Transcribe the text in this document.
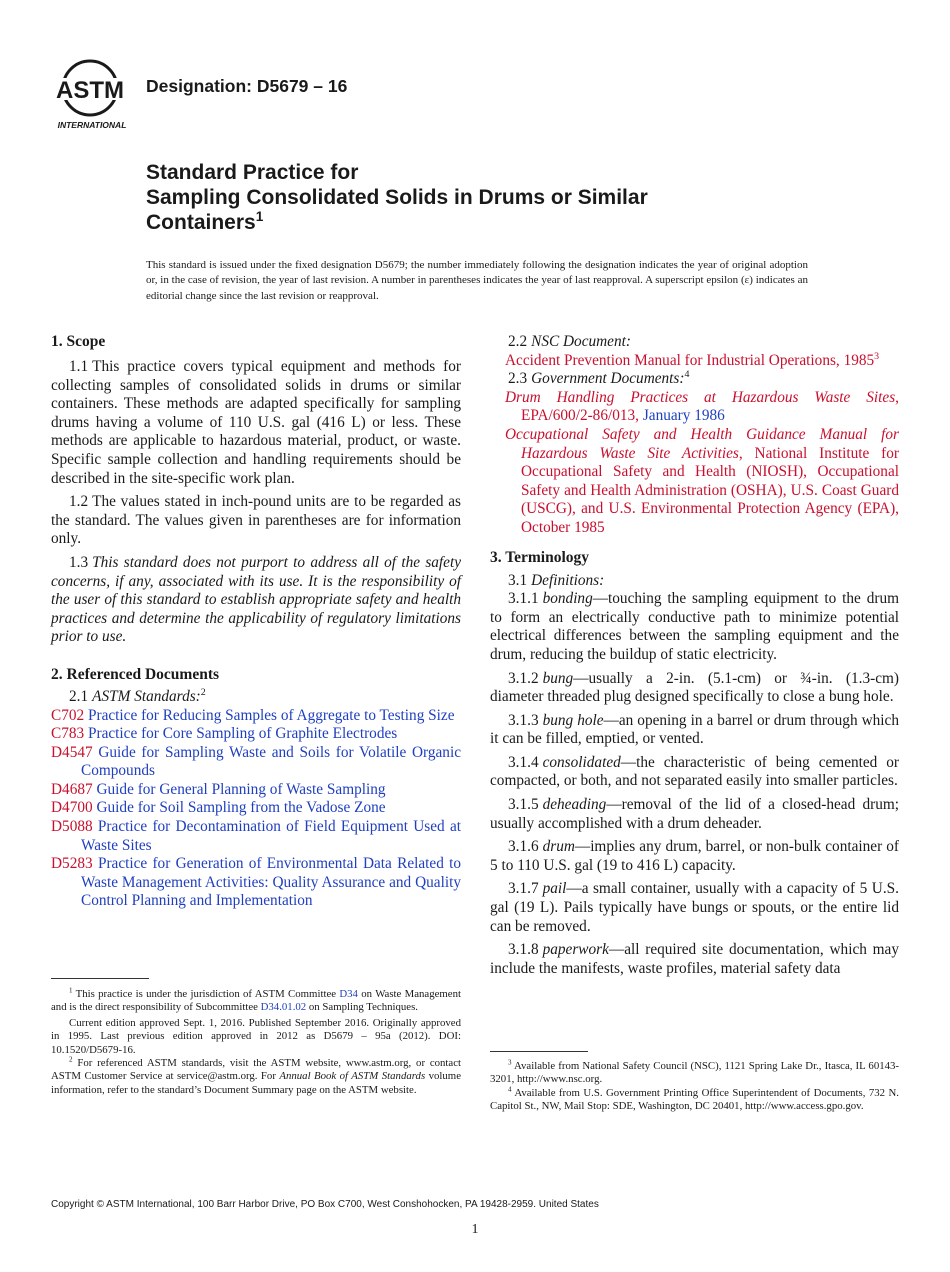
ASTM
INTERNATIONAL
Designation: D5679 – 16
Standard Practice for
Sampling Consolidated Solids in Drums or Similar
Containers$^1$
This standard is issued under the fixed designation D5679; the number immediately following the designation indicates the year of original adoption or, in the case of revision, the year of last revision. A number in parentheses indicates the year of last reapproval. A superscript epsilon (ε) indicates an editorial change since the last revision or reapproval.
1. Scope

1.1 This practice covers typical equipment and methods for collecting samples of consolidated solids in drums or similar containers. These methods are adapted specifically for sampling drums having a volume of 110 U.S. gal (416 L) or less. These methods are applicable to hazardous material, product, or waste. Specific sample collection and handling requirements should be described in the site-specific work plan.

1.2 The values stated in inch-pound units are to be regarded as the standard. The values given in parentheses are for information only.

1.3 This standard does not purport to address all of the safety concerns, if any, associated with its use. It is the responsibility of the user of this standard to establish appropriate safety and health practices and determine the applicability of regulatory limitations prior to use.

2. Referenced Documents

2.1 ASTM Standards:$^2$

C702 Practice for Reducing Samples of Aggregate to Testing Size

C783 Practice for Core Sampling of Graphite Electrodes

D4547 Guide for Sampling Waste and Soils for Volatile Organic Compounds

D4687 Guide for General Planning of Waste Sampling

D4700 Guide for Soil Sampling from the Vadose Zone

D5088 Practice for Decontamination of Field Equipment Used at Waste Sites

D5283 Practice for Generation of Environmental Data Related to Waste Management Activities: Quality Assurance and Quality Control Planning and Implementation

$^1$ This practice is under the jurisdiction of ASTM Committee D34 on Waste Management and is the direct responsibility of Subcommittee D34.01.02 on Sampling Techniques.

Current edition approved Sept. 1, 2016. Published September 2016. Originally approved in 1995. Last previous edition approved in 2012 as D5679 – 95a (2012). DOI: 10.1520/D5679-16.

$^2$ For referenced ASTM standards, visit the ASTM website, www.astm.org, or contact ASTM Customer Service at service@astm.org. For Annual Book of ASTM Standards volume information, refer to the standard’s Document Summary page on the ASTM website.

2.2 NSC Document:

Accident Prevention Manual for Industrial Operations, 1985$^3$

2.3 Government Documents:$^4$

Drum Handling Practices at Hazardous Waste Sites, EPA/600/2-86/013, January 1986

Occupational Safety and Health Guidance Manual for Hazardous Waste Site Activities, National Institute for Occupational Safety and Health (NIOSH), Occupational Safety and Health Administration (OSHA), U.S. Coast Guard (USCG), and U.S. Environmental Protection Agency (EPA), October 1985

3. Terminology

3.1 Definitions:

3.1.1 bonding—touching the sampling equipment to the drum to form an electrically conductive path to minimize potential electrical differences between the sampling equipment and the drum, reducing the buildup of static electricity.

3.1.2 bung—usually a 2-in. (5.1-cm) or ¾-in. (1.3-cm) diameter threaded plug designed specifically to close a bung hole.

3.1.3 bung hole—an opening in a barrel or drum through which it can be filled, emptied, or vented.

3.1.4 consolidated—the characteristic of being cemented or compacted, or both, and not separated easily into smaller particles.

3.1.5 deheading—removal of the lid of a closed-head drum; usually accomplished with a drum deheader.

3.1.6 drum—implies any drum, barrel, or non-bulk container of 5 to 110 U.S. gal (19 to 416 L) capacity.

3.1.7 pail—a small container, usually with a capacity of 5 U.S. gal (19 L). Pails typically have bungs or spouts, or the entire lid can be removed.

3.1.8 paperwork—all required site documentation, which may include the manifests, waste profiles, material safety data

$^3$ Available from National Safety Council (NSC), 1121 Spring Lake Dr., Itasca, IL 60143-3201, http://www.nsc.org.

$^4$ Available from U.S. Government Printing Office Superintendent of Documents, 732 N. Capitol St., NW, Mail Stop: SDE, Washington, DC 20401, http://www.access.gpo.gov.

Copyright © ASTM International, 100 Barr Harbor Drive, PO Box C700, West Conshohocken, PA 19428-2959. United States
1
